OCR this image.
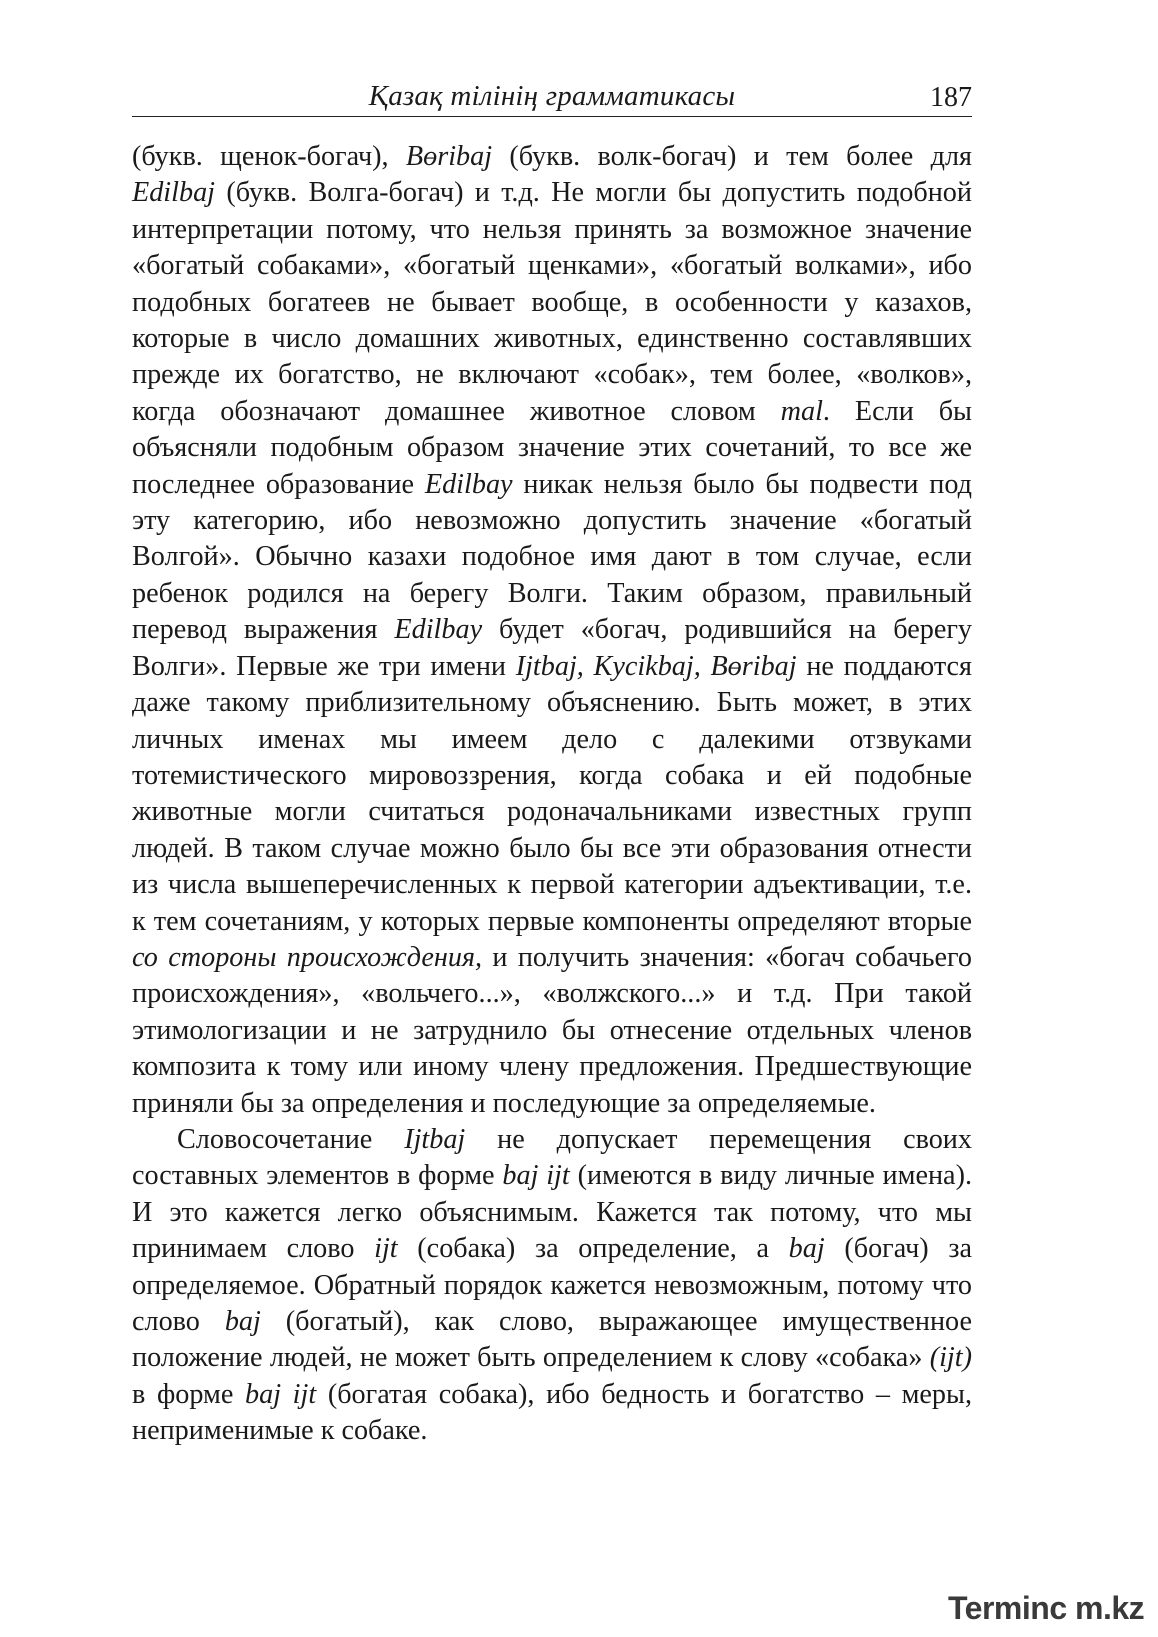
Қазақ тілінің грамматикасы	187

(букв. щенок-богач), Bөribaj (букв. волк-богач) и тем более для Edilbaj (букв. Волга-богач) и т.д. Не могли бы допустить подобной интерпретации потому, что нельзя принять за возможное значение «богатый собаками», «богатый щенками», «богатый волками», ибо подобных богатеев не бывает вообще, в особенности у казахов, которые в число домашних животных, единственно составлявших прежде их богатство, не включают «собак», тем более, «волков», когда обозначают домашнее животное словом mal. Если бы объясняли подобным образом значение этих сочетаний, то все же последнее образование Edilbay никак нельзя было бы подвести под эту категорию, ибо невозможно допустить значение «богатый Волгой». Обычно казахи подобное имя дают в том случае, если ребенок родился на берегу Волги. Таким образом, правильный перевод выражения Edilbay будет «богач, родившийся на берегу Волги». Первые же три имени Ijtbaj, Kycikbaj, Bөribaj не поддаются даже такому приблизительному объяснению. Быть может, в этих личных именах мы имеем дело с далекими отзвуками тотемистического мировоззрения, когда собака и ей подобные животные могли считаться родоначальниками известных групп людей. В таком случае можно было бы все эти образования отнести из числа вышеперечисленных к первой категории адъективации, т.е. к тем сочетаниям, у которых первые компоненты определяют вторые со стороны происхождения, и получить значения: «богач собачьего происхождения», «вольчего...», «волжского...» и т.д. При такой этимологизации и не затруднило бы отнесение отдельных членов композита к тому или иному члену предложения. Предшествующие приняли бы за определения и последующие за определяемые.

Словосочетание Ijtbaj не допускает перемещения своих составных элементов в форме baj ijt (имеются в виду личные имена). И это кажется легко объяснимым. Кажется так потому, что мы принимаем слово ijt (собака) за определение, а baj (богач) за определяемое. Обратный порядок кажется невозможным, потому что слово baj (богатый), как слово, выражающее имущественное положение людей, не может быть определением к слову «собака» (ijt) в форме baj ijt (богатая собака), ибо бедность и богатство – меры, неприменимые к собаке.

Terminc m.kz
